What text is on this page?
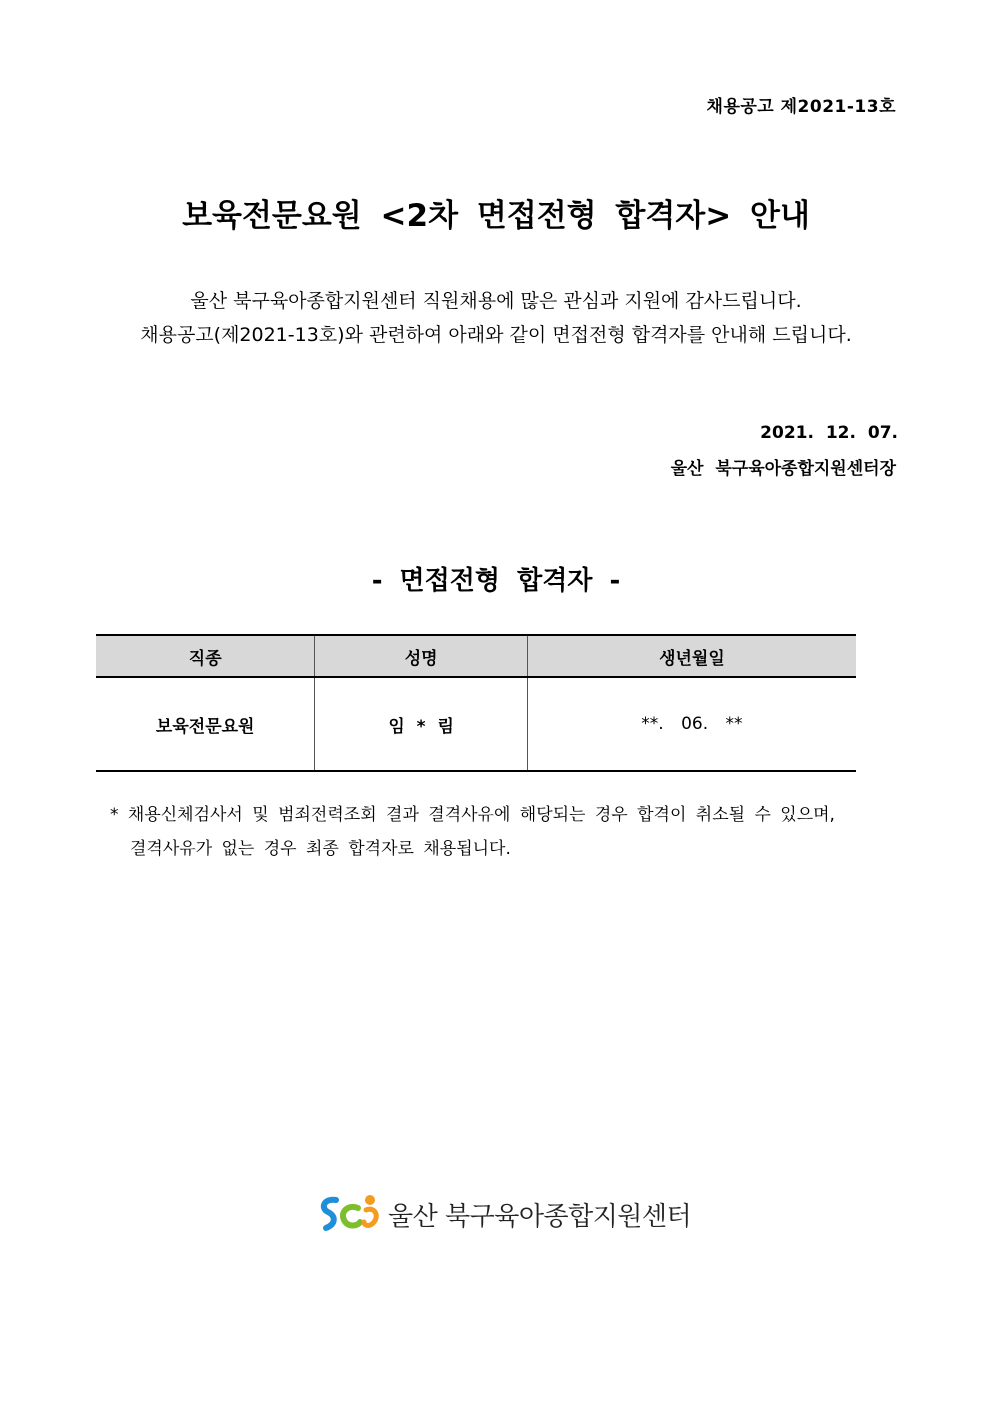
채용공고 제2021-13호
보육전문요원 <2차 면접전형 합격자> 안내

울산 북구육아종합지원센터 직원채용에 많은 관심과 지원에 감사드립니다.

채용공고(제2021-13호)와 관련하여 아래와 같이 면접전형 합격자를 안내해 드립니다.

2021. 12. 07.
울산 북구육아종합지원센터장
- 면접전형 합격자 -
직종	성명	생년월일
보육전문요원	임 * 림	**. 06. **

* 채용신체검사서 및 범죄전력조회 결과 결격사유에 해당되는 경우 합격이 취소될 수 있으며,

결격사유가 없는 경우 최종 합격자로 채용됩니다.

울산 북구육아종합지원센터
